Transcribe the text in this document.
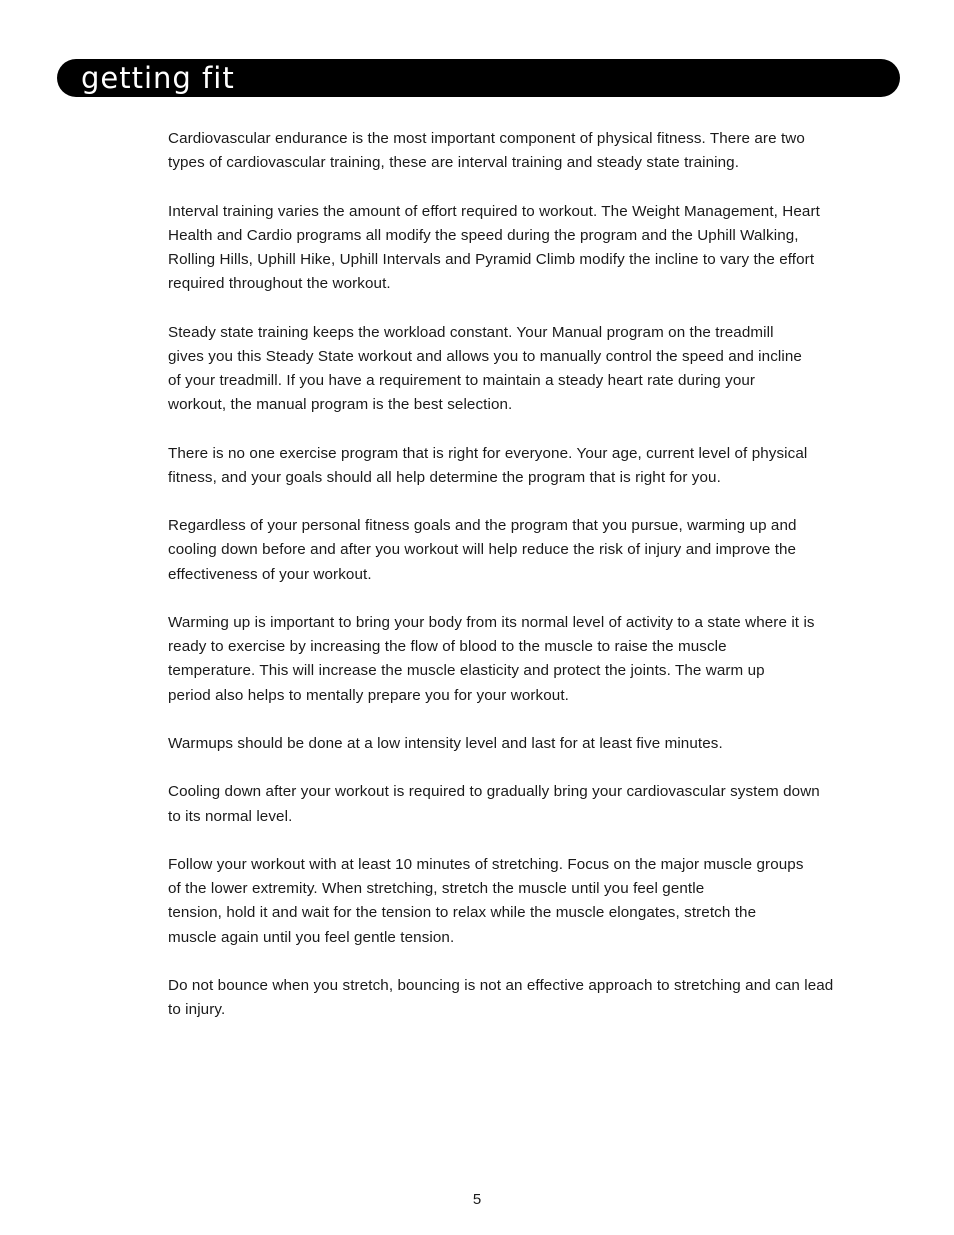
getting fit

Cardiovascular endurance is the most important component of physical fitness. There are two
types of cardiovascular training, these are interval training and steady state training.

Interval training varies the amount of effort required to workout. The Weight Management, Heart
Health and Cardio programs all modify the speed during the program and the Uphill Walking,
Rolling Hills, Uphill Hike, Uphill Intervals and Pyramid Climb modify the incline to vary the effort
required throughout the workout.

Steady state training keeps the workload constant. Your Manual program on the treadmill
gives you this Steady State workout and allows you to manually control the speed and incline
of your treadmill. If you have a requirement to maintain a steady heart rate during your
workout, the manual program is the best selection.

There is no one exercise program that is right for everyone. Your age, current level of physical
fitness, and your goals should all help determine the program that is right for you.

Regardless of your personal fitness goals and the program that you pursue, warming up and
cooling down before and after you workout will help reduce the risk of injury and improve the
effectiveness of your workout.

Warming up is important to bring your body from its normal level of activity to a state where it is
ready to exercise by increasing the flow of blood to the muscle to raise the muscle
temperature. This will increase the muscle elasticity and protect the joints. The warm up
period also helps to mentally prepare you for your workout.

Warmups should be done at a low intensity level and last for at least five minutes.

Cooling down after your workout is required to gradually bring your cardiovascular system down
to its normal level.

Follow your workout with at least 10 minutes of stretching. Focus on the major muscle groups
of the lower extremity. When stretching, stretch the muscle until you feel gentle
tension, hold it and wait for the tension to relax while the muscle elongates, stretch the
muscle again until you feel gentle tension.

Do not bounce when you stretch, bouncing is not an effective approach to stretching and can lead
to injury.

5
